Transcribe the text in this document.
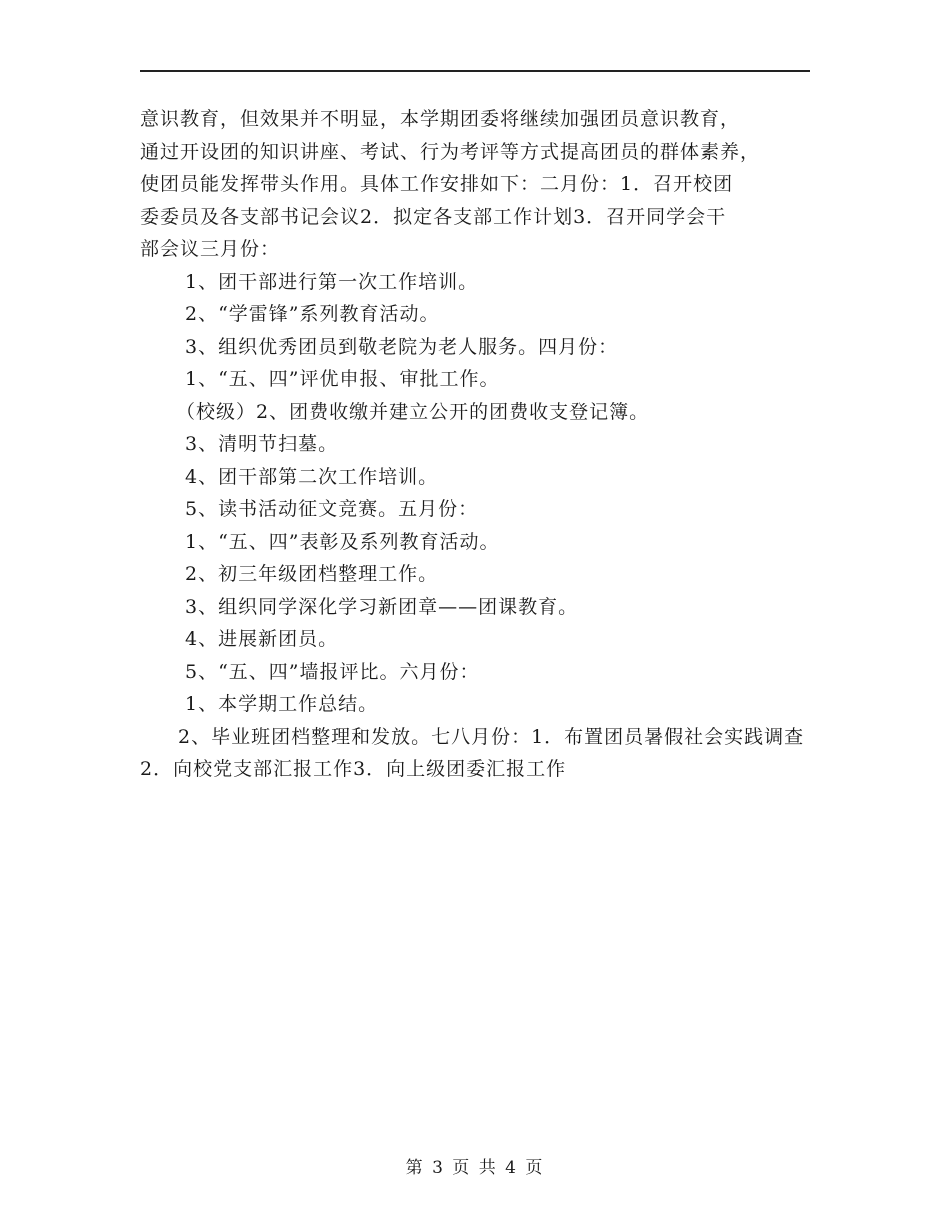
意识教育，但效果并不明显，本学期团委将继续加强团员意识教育，

通过开设团的知识讲座、考试、行为考评等方式提高团员的群体素养，

使团员能发挥带头作用。具体工作安排如下：二月份：1．召开校团

委委员及各支部书记会议2．拟定各支部工作计划3．召开同学会干

部会议三月份：

1、团干部进行第一次工作培训。

2、“学雷锋”系列教育活动。

3、组织优秀团员到敬老院为老人服务。四月份：

1、“五、四”评优申报、审批工作。

（校级）2、团费收缴并建立公开的团费收支登记簿。

3、清明节扫墓。

4、团干部第二次工作培训。

5、读书活动征文竞赛。五月份：

1、“五、四”表彰及系列教育活动。

2、初三年级团档整理工作。

3、组织同学深化学习新团章——团课教育。

4、进展新团员。

5、“五、四”墙报评比。六月份：

1、本学期工作总结。

2、毕业班团档整理和发放。七八月份：1．布置团员暑假社会实践调查2．向校党支部汇报工作3．向上级团委汇报工作

第 3 页 共 4 页
